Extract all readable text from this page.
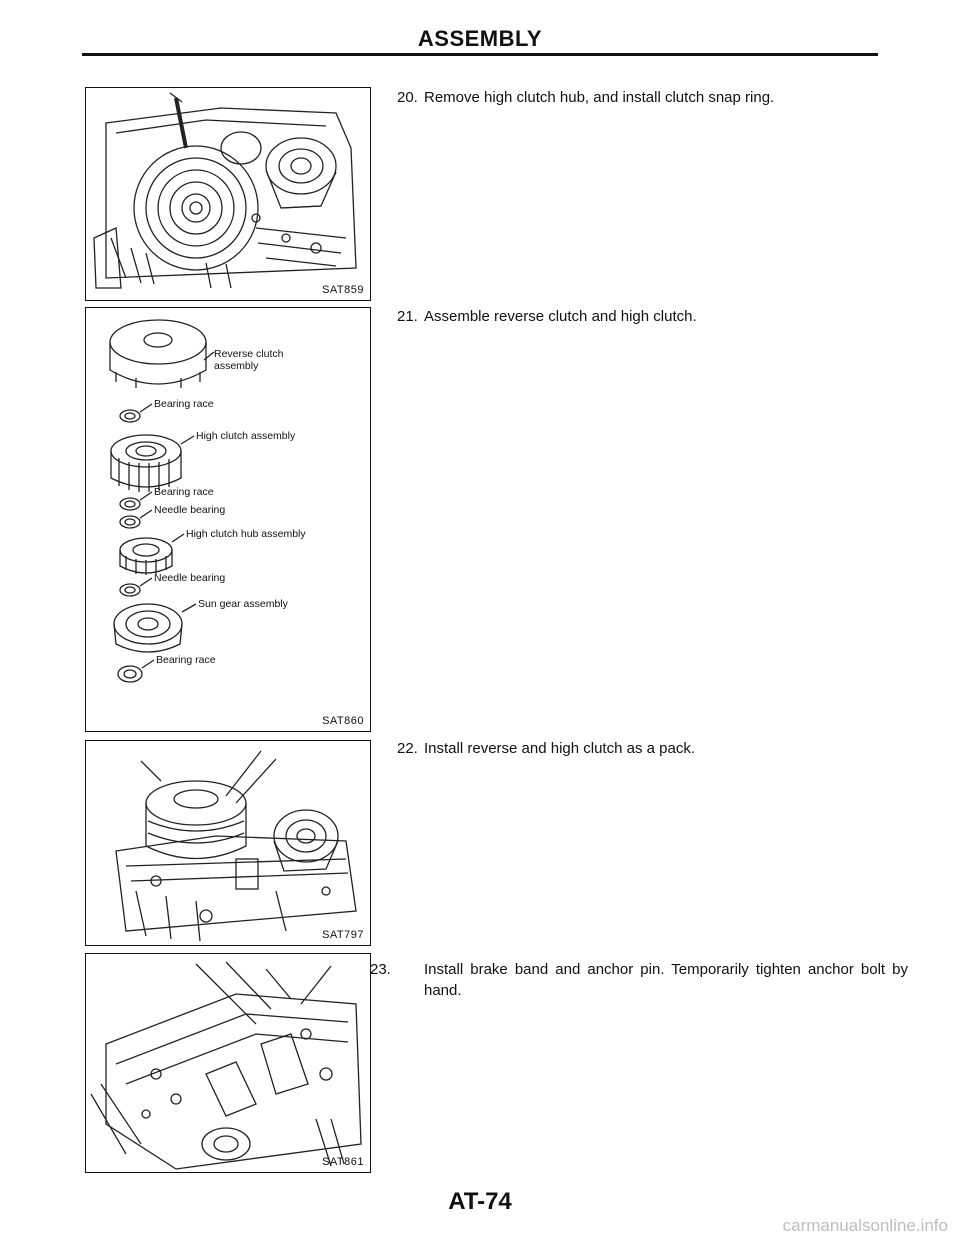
ASSEMBLY
SAT859
Reverse clutch
assembly
Bearing race
High clutch assembly
Bearing race
Needle bearing
High clutch hub assembly
Needle bearing
Sun gear assembly
Bearing race
SAT860
SAT797
SAT861
20. Remove high clutch hub, and install clutch snap ring.
21. Assemble reverse clutch and high clutch.
22. Install reverse and high clutch as a pack.
23. Install brake band and anchor pin. Temporarily tighten anchor bolt by hand.
AT-74
carmanualsonline.info
